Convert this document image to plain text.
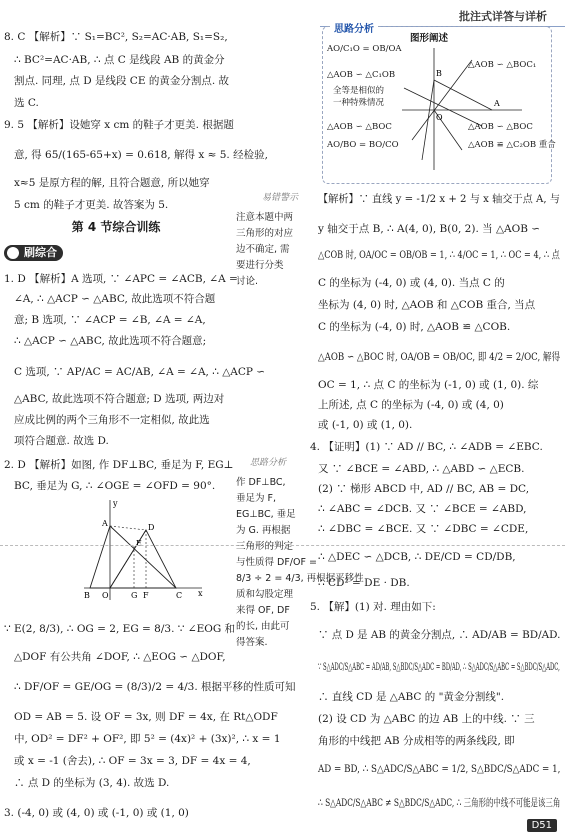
批注式详答与详析
思路分析
图形阐述
B
A
O
AO/C₁O = OB/OA
△AOB ∽ △C₁OB
全等是相似的
一种特殊情况
△AOB ∽ △BOC
AO/BO = BO/CO
△AOB ∽ △BOC₁
△AOB ∽ △BOC
△AOB ≌ △C₂OB 重合
8. C 【解析】∵ S₁=BC², S₂=AC·AB, S₁=S₂,
∴ BC²=AC·AB, ∴ 点 C 是线段 AB 的黄金分
割点. 同理, 点 D 是线段 CE 的黄金分割点. 故
选 C.
9. 5 【解析】设她穿 x cm 的鞋子才更美. 根据题
意, 得 65/(165-65+x) = 0.618, 解得 x ≈ 5. 经检验,
x≈5 是原方程的解, 且符合题意, 所以她穿
5 cm 的鞋子才更美. 故答案为 5.
第 4 节综合训练
刷综合
1. D 【解析】A 选项, ∵ ∠APC = ∠ACB, ∠A =
∠A, ∴ △ACP ∽ △ABC, 故此选项不符合题
意; B 选项, ∵ ∠ACP = ∠B, ∠A = ∠A,
∴ △ACP ∽ △ABC, 故此选项不符合题意;
C 选项, ∵ AP/AC = AC/AB, ∠A = ∠A, ∴ △ACP ∽
△ABC, 故此选项不符合题意; D 选项, 两边对
应成比例的两个三角形不一定相似, 故此选
项符合题意. 故选 D.
2. D 【解析】如图, 作 DF⊥BC, 垂足为 F, EG⊥
BC, 垂足为 G, ∴ ∠OGE = ∠OFD = 90°.
B O	G F	C
A	D
E
x
y
∵ E(2, 8/3), ∴ OG = 2, EG = 8/3. ∵ ∠EOG 和
△DOF 有公共角 ∠DOF, ∴ △EOG ∽ △DOF,
∴ DF/OF = GE/OG = (8/3)/2 = 4/3. 根据平移的性质可知
OD = AB = 5. 设 OF = 3x, 则 DF = 4x, 在 Rt△ODF
中, OD² = DF² + OF², 即 5² = (4x)² + (3x)², ∴ x = 1
或 x = -1 (舍去), ∴ OF = 3x = 3, DF = 4x = 4,
∴ 点 D 的坐标为 (3, 4). 故选 D.
3. (-4, 0) 或 (4, 0) 或 (-1, 0) 或 (1, 0)
易错警示
注意本题中两
三角形的对应
边不确定, 需
要进行分类
讨论.
思路分析
作 DF⊥BC,
垂足为 F,
EG⊥BC, 垂足
为 G. 再根据
三角形的判定
与性质得 DF/OF =
8/3 ÷ 2 = 4/3, 再根据平移性
质和勾股定理
来得 OF, DF
的长, 由此可
得答案.
【解析】∵ 直线 y = -1/2 x + 2 与 x 轴交于点 A, 与
y 轴交于点 B, ∴ A(4, 0), B(0, 2). 当 △AOB ∽
△COB 时, OA/OC = OB/OB = 1, ∴ 4/OC = 1, ∴ OC = 4, ∴ 点
C 的坐标为 (-4, 0) 或 (4, 0). 当点 C 的
坐标为 (4, 0) 时, △AOB 和 △COB 重合, 当点
C 的坐标为 (-4, 0) 时, △AOB ≌ △COB.
△AOB ∽ △BOC 时, OA/OB = OB/OC, 即 4/2 = 2/OC, 解得
OC = 1, ∴ 点 C 的坐标为 (-1, 0) 或 (1, 0). 综
上所述, 点 C 的坐标为 (-4, 0) 或 (4, 0)
或 (-1, 0) 或 (1, 0).
4. 【证明】(1) ∵ AD // BC, ∴ ∠ADB = ∠EBC.
又 ∵ ∠BCE = ∠ABD, ∴ △ABD ∽ △ECB.
(2) ∵ 梯形 ABCD 中, AD // BC, AB = DC,
∴ ∠ABC = ∠DCB. 又 ∵ ∠BCE = ∠ABD,
∴ ∠DBC = ∠BCE. 又 ∵ ∠DBC = ∠CDE,
∴ △DEC ∽ △DCB, ∴ DE/CD = CD/DB,
∴ CD² = DE · DB.
5. 【解】(1) 对. 理由如下:
∵ 点 D 是 AB 的黄金分割点, ∴ AD/AB = BD/AD.
∵ S△ADC/S△ABC = AD/AB, S△BDC/S△ADC = BD/AD, ∴ S△ADC/S△ABC = S△BDC/S△ADC,
∴ 直线 CD 是 △ABC 的 "黄金分割线".
(2) 设 CD 为 △ABC 的边 AB 上的中线. ∵ 三
角形的中线把 AB 分成相等的两条线段, 即
AD = BD, ∴ S△ADC/S△ABC = 1/2, S△BDC/S△ADC = 1,
∴ S△ADC/S△ABC ≠ S△BDC/S△ADC, ∴ 三角形的中线不可能是该三角
D51
